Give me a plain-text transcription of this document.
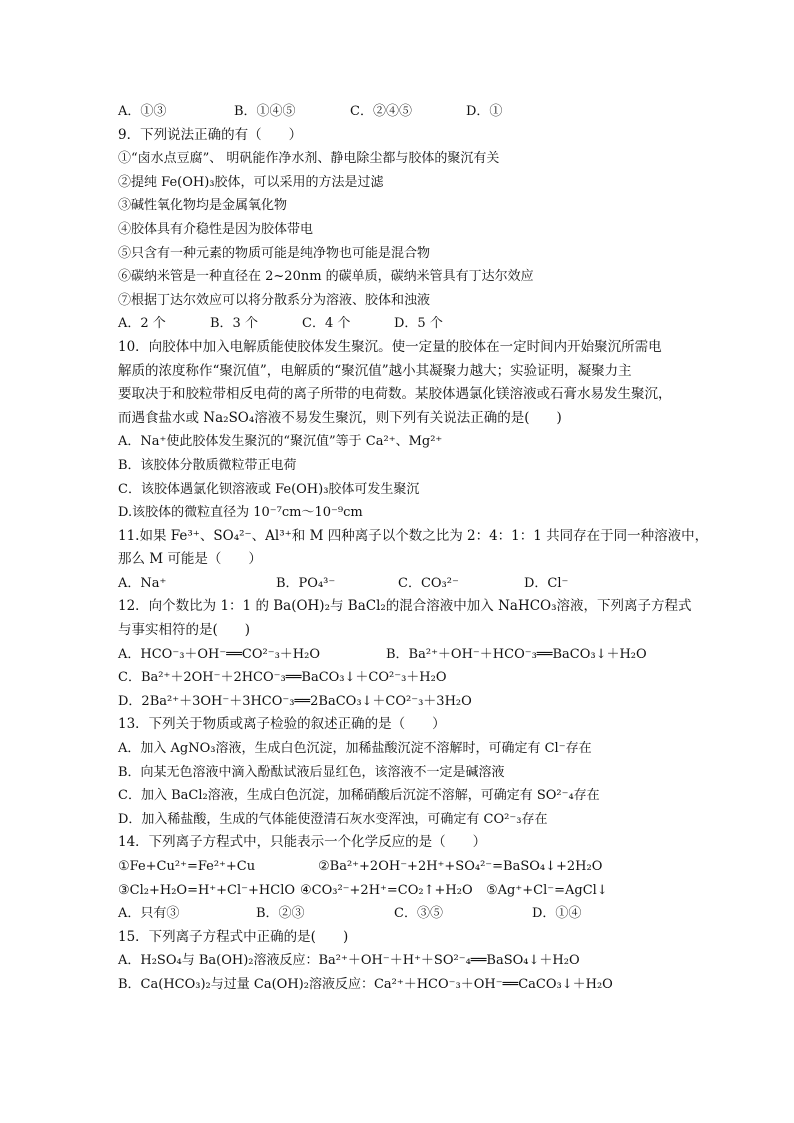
A．①③	B．①④⑤	C．②④⑤	D．①
9．下列说法正确的有（　　）
①“卤水点豆腐”、 明矾能作净水剂、静电除尘都与胶体的聚沉有关
②提纯 Fe(OH)₃胶体，可以采用的方法是过滤
③碱性氧化物均是金属氧化物
④胶体具有介稳性是因为胶体带电
⑤只含有一种元素的物质可能是纯净物也可能是混合物
⑥碳纳米管是一种直径在 2~20nm 的碳单质，碳纳米管具有丁达尔效应
⑦根据丁达尔效应可以将分散系分为溶液、胶体和浊液
A．2 个	B．3 个	C．4 个	D．5 个
10．向胶体中加入电解质能使胶体发生聚沉。使一定量的胶体在一定时间内开始聚沉所需电
解质的浓度称作“聚沉值”，电解质的“聚沉值”越小其凝聚力越大；实验证明，凝聚力主
要取决于和胶粒带相反电荷的离子所带的电荷数。某胶体遇氯化镁溶液或石膏水易发生聚沉，
而遇食盐水或 Na₂SO₄溶液不易发生聚沉，则下列有关说法正确的是(　　)
A．Na⁺使此胶体发生聚沉的“聚沉值”等于 Ca²⁺、Mg²⁺
B．该胶体分散质微粒带正电荷
C．该胶体遇氯化钡溶液或 Fe(OH)₃胶体可发生聚沉
D.该胶体的微粒直径为 10⁻⁷cm～10⁻⁹cm
11.如果 Fe³⁺、SO₄²⁻、Al³⁺和 M 四种离子以个数之比为 2：4：1：1 共同存在于同一种溶液中，
那么 M 可能是（　　）
A．Na⁺	B．PO₄³⁻	C．CO₃²⁻	D．Cl⁻
12．向个数比为 1：1 的 Ba(OH)₂与 BaCl₂的混合溶液中加入 NaHCO₃溶液，下列离子方程式
与事实相符的是(　　)
A．HCO⁻₃＋OH⁻══CO²⁻₃＋H₂O	B．Ba²⁺＋OH⁻＋HCO⁻₃══BaCO₃↓＋H₂O
C．Ba²⁺＋2OH⁻＋2HCO⁻₃══BaCO₃↓＋CO²⁻₃＋H₂O
D．2Ba²⁺＋3OH⁻＋3HCO⁻₃══2BaCO₃↓＋CO²⁻₃＋3H₂O
13．下列关于物质或离子检验的叙述正确的是（　　）
A．加入 AgNO₃溶液，生成白色沉淀，加稀盐酸沉淀不溶解时，可确定有 Cl⁻存在
B．向某无色溶液中滴入酚酞试液后显红色，该溶液不一定是碱溶液
C．加入 BaCl₂溶液，生成白色沉淀，加稀硝酸后沉淀不溶解，可确定有 SO²⁻₄存在
D．加入稀盐酸，生成的气体能使澄清石灰水变浑浊，可确定有 CO²⁻₃存在
14．下列离子方程式中，只能表示一个化学反应的是（　　）
①Fe+Cu²⁺=Fe²⁺+Cu	②Ba²⁺+2OH⁻+2H⁺+SO₄²⁻=BaSO₄↓+2H₂O
③Cl₂+H₂O=H⁺+Cl⁻+HClO ④CO₃²⁻+2H⁺=CO₂↑+H₂O	⑤Ag⁺+Cl⁻=AgCl↓
A．只有③	B．②③	C．③⑤	D．①④
15．下列离子方程式中正确的是(　　)
A．H₂SO₄与 Ba(OH)₂溶液反应：Ba²⁺＋OH⁻＋H⁺＋SO²⁻₄══BaSO₄↓＋H₂O
B．Ca(HCO₃)₂与过量 Ca(OH)₂溶液反应：Ca²⁺＋HCO⁻₃＋OH⁻══CaCO₃↓＋H₂O
